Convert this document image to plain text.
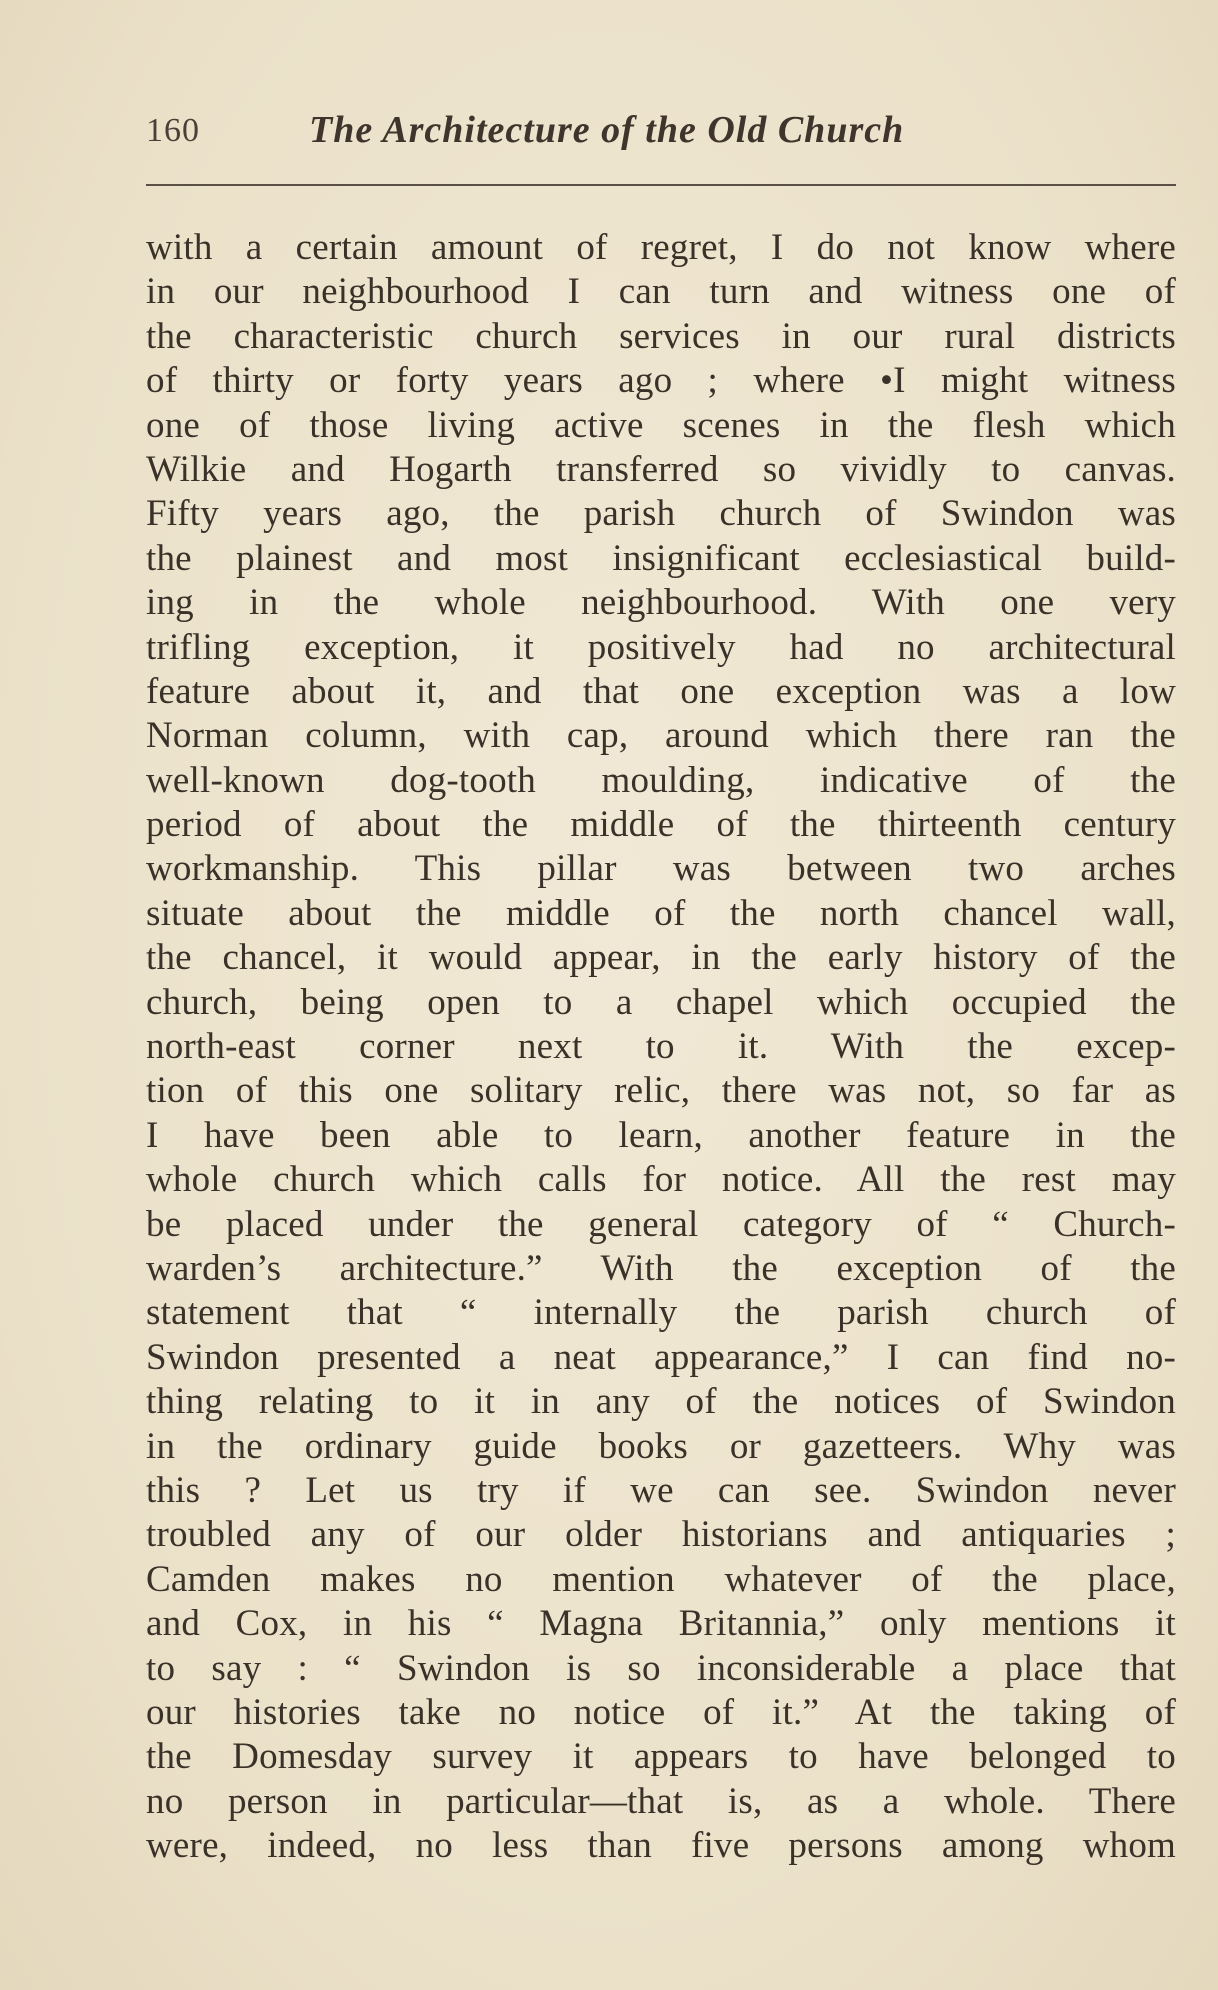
160	The Architecture of the Old Church
with a certain amount of regret, I do not know where
in our neighbourhood I can turn and witness one of
the characteristic church services in our rural districts
of thirty or forty years ago ; where •I might witness
one of those living active scenes in the flesh which
Wilkie and Hogarth transferred so vividly to canvas.
Fifty years ago, the parish church of Swindon was
the plainest and most insignificant ecclesiastical build-
ing in the whole neighbourhood. With one very
trifling exception, it positively had no architectural
feature about it, and that one exception was a low
Norman column, with cap, around which there ran the
well-known dog-tooth moulding, indicative of the
period of about the middle of the thirteenth century
workmanship. This pillar was between two arches
situate about the middle of the north chancel wall,
the chancel, it would appear, in the early history of the
church, being open to a chapel which occupied the
north-east corner next to it. With the excep-
tion of this one solitary relic, there was not, so far as
I have been able to learn, another feature in the
whole church which calls for notice. All the rest may
be placed under the general category of “ Church-
warden’s architecture.” With the exception of the
statement that “ internally the parish church of
Swindon presented a neat appearance,” I can find no-
thing relating to it in any of the notices of Swindon
in the ordinary guide books or gazetteers. Why was
this ? Let us try if we can see. Swindon never
troubled any of our older historians and antiquaries ;
Camden makes no mention whatever of the place,
and Cox, in his “ Magna Britannia,” only mentions it
to say : “ Swindon is so inconsiderable a place that
our histories take no notice of it.” At the taking of
the Domesday survey it appears to have belonged to
no person in particular—that is, as a whole. There
were, indeed, no less than five persons among whom
